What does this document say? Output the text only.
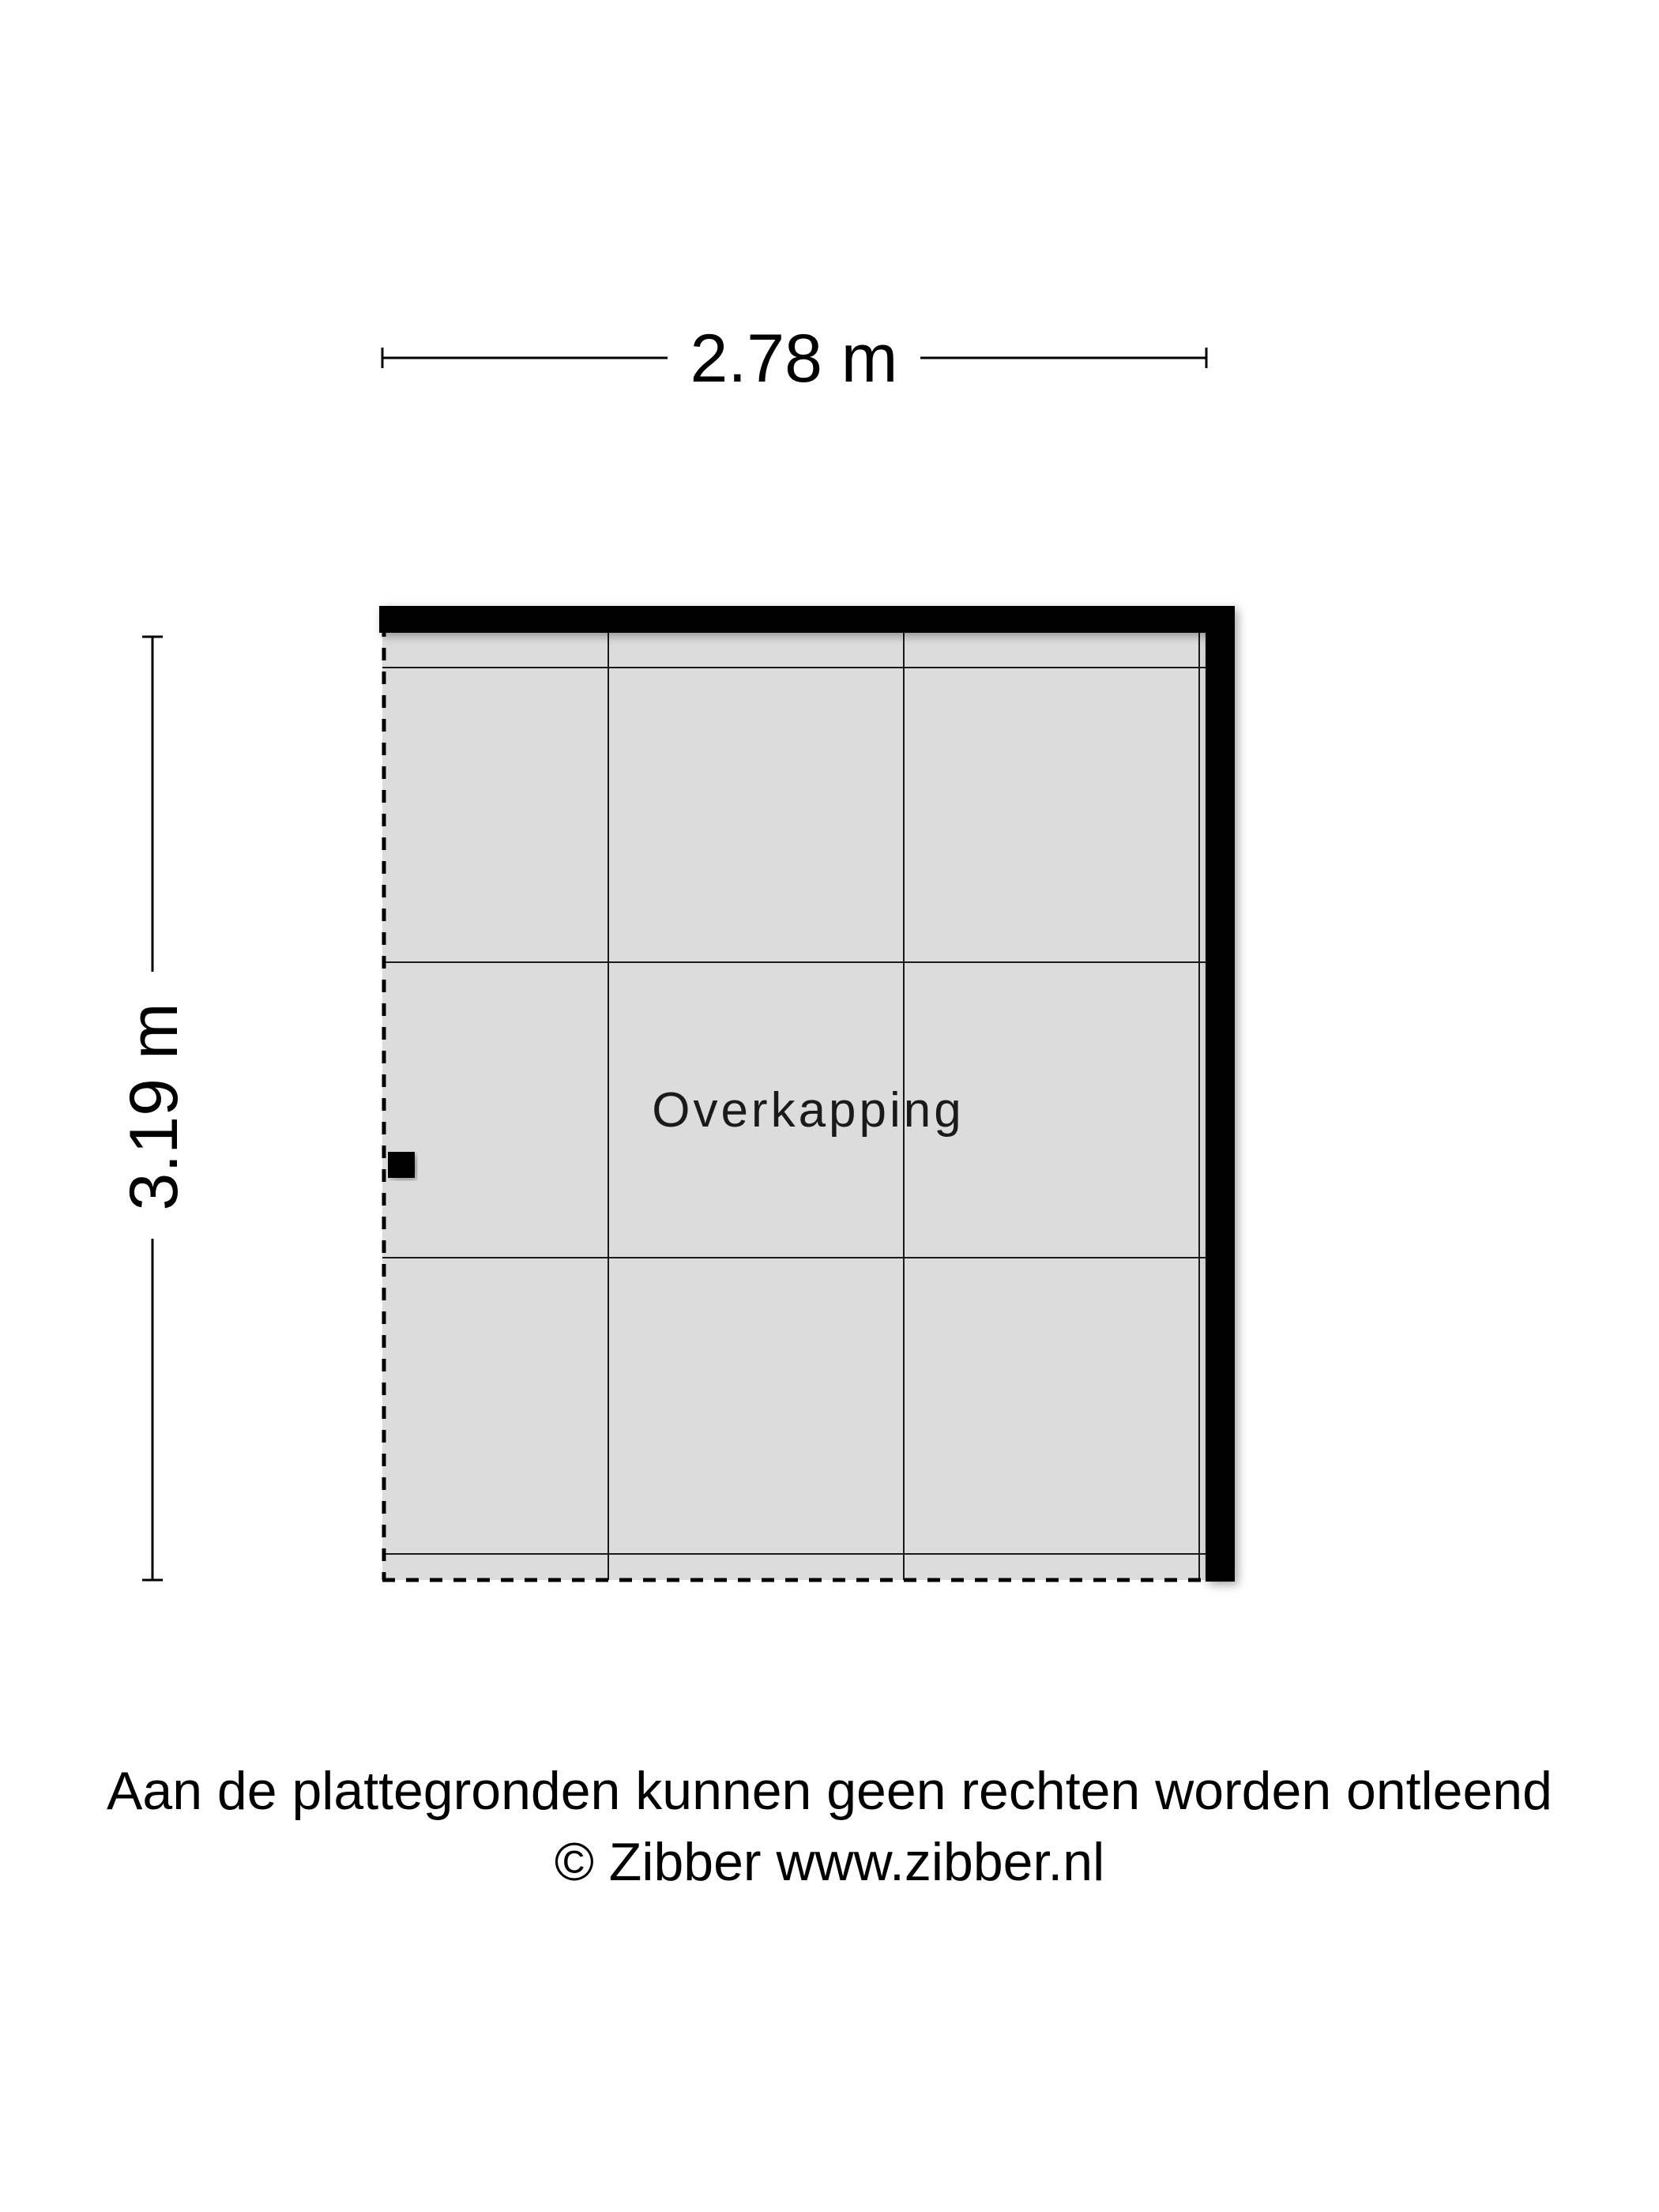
2.78 m
3.19 m	Overkapping
Aan de plattegronden kunnen geen rechten worden ontleend
© Zibber www.zibber.nl
